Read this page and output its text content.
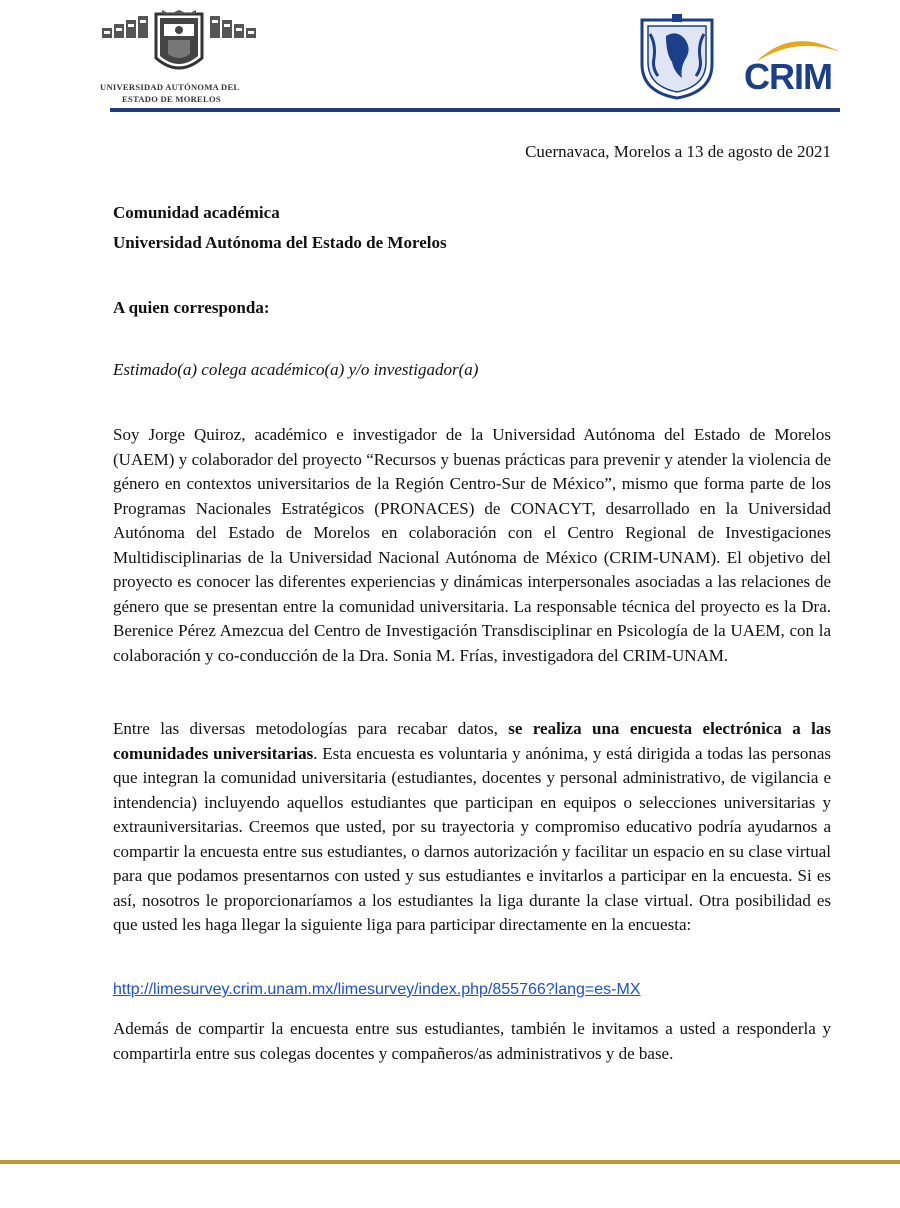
UNIVERSIDAD AUTÓNOMA DEL
ESTADO DE MORELOS
CRIM
Cuernavaca, Morelos a 13 de agosto de 2021
Comunidad académica
Universidad Autónoma del Estado de Morelos
A quien corresponda:
Estimado(a) colega académico(a) y/o investigador(a)

Soy Jorge Quiroz, académico e investigador de la Universidad Autónoma del Estado de Morelos (UAEM) y colaborador del proyecto “Recursos y buenas prácticas para prevenir y atender la violencia de género en contextos universitarios de la Región Centro-Sur de México”, mismo que forma parte de los Programas Nacionales Estratégicos (PRONACES) de CONACYT, desarrollado en la Universidad Autónoma del Estado de Morelos en colaboración con el Centro Regional de Investigaciones Multidisciplinarias de la Universidad Nacional Autónoma de México (CRIM-UNAM). El objetivo del proyecto es conocer las diferentes experiencias y dinámicas interpersonales asociadas a las relaciones de género que se presentan entre la comunidad universitaria. La responsable técnica del proyecto es la Dra. Berenice Pérez Amezcua del Centro de Investigación Transdisciplinar en Psicología de la UAEM, con la colaboración y co-conducción de la Dra. Sonia M. Frías, investigadora del CRIM-UNAM.

Entre las diversas metodologías para recabar datos, se realiza una encuesta electrónica a las comunidades universitarias. Esta encuesta es voluntaria y anónima, y está dirigida a todas las personas que integran la comunidad universitaria (estudiantes, docentes y personal administrativo, de vigilancia e intendencia) incluyendo aquellos estudiantes que participan en equipos o selecciones universitarias y extrauniversitarias. Creemos que usted, por su trayectoria y compromiso educativo podría ayudarnos a compartir la encuesta entre sus estudiantes, o darnos autorización y facilitar un espacio en su clase virtual para que podamos presentarnos con usted y sus estudiantes e invitarlos a participar en la encuesta. Si es así, nosotros le proporcionaríamos a los estudiantes la liga durante la clase virtual. Otra posibilidad es que usted les haga llegar la siguiente liga para participar directamente en la encuesta:

http://limesurvey.crim.unam.mx/limesurvey/index.php/855766?lang=es-MX

Además de compartir la encuesta entre sus estudiantes, también le invitamos a usted a responderla y compartirla entre sus colegas docentes y compañeros/as administrativos y de base.
